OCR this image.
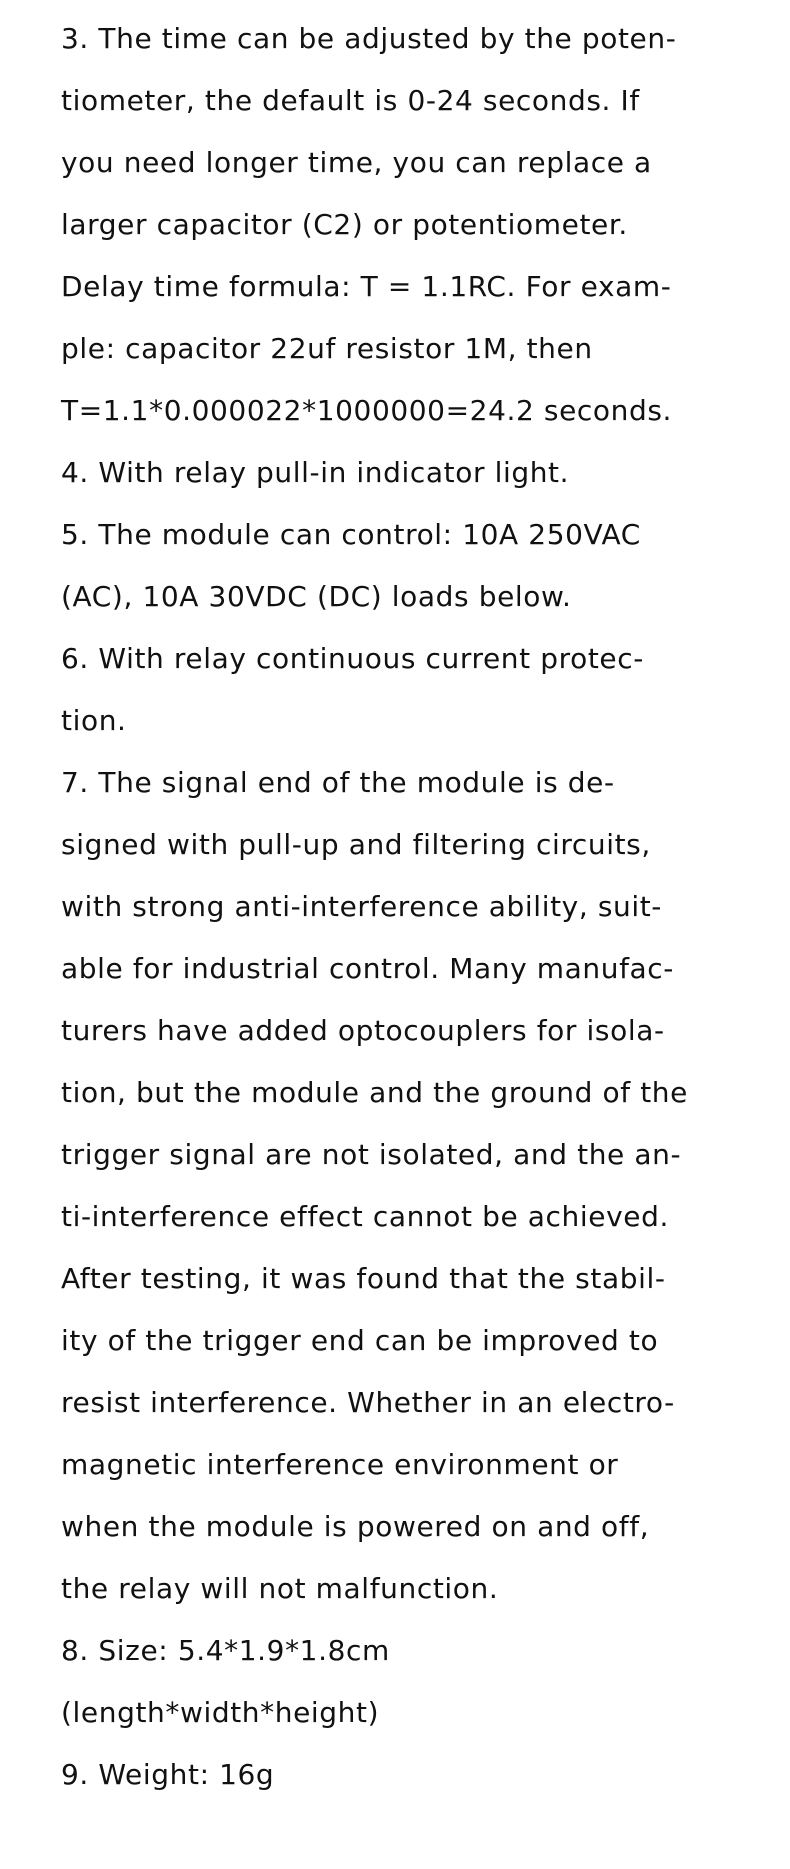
3. The time can be adjusted by the poten-
tiometer, the default is 0-24 seconds. If
you need longer time, you can replace a
larger capacitor (C2) or potentiometer.
Delay time formula: T = 1.1RC. For exam-
ple: capacitor 22uf resistor 1M, then
T=1.1*0.000022*1000000=24.2 seconds.
4. With relay pull-in indicator light.
5. The module can control: 10A 250VAC
(AC), 10A 30VDC (DC) loads below.
6. With relay continuous current protec-
tion.
7. The signal end of the module is de-
signed with pull-up and filtering circuits,
with strong anti-interference ability, suit-
able for industrial control. Many manufac-
turers have added optocouplers for isola-
tion, but the module and the ground of the
trigger signal are not isolated, and the an-
ti-interference effect cannot be achieved.
After testing, it was found that the stabil-
ity of the trigger end can be improved to
resist interference. Whether in an electro-
magnetic interference environment or
when the module is powered on and off,
the relay will not malfunction.
8. Size: 5.4*1.9*1.8cm
(length*width*height)
9. Weight: 16g
